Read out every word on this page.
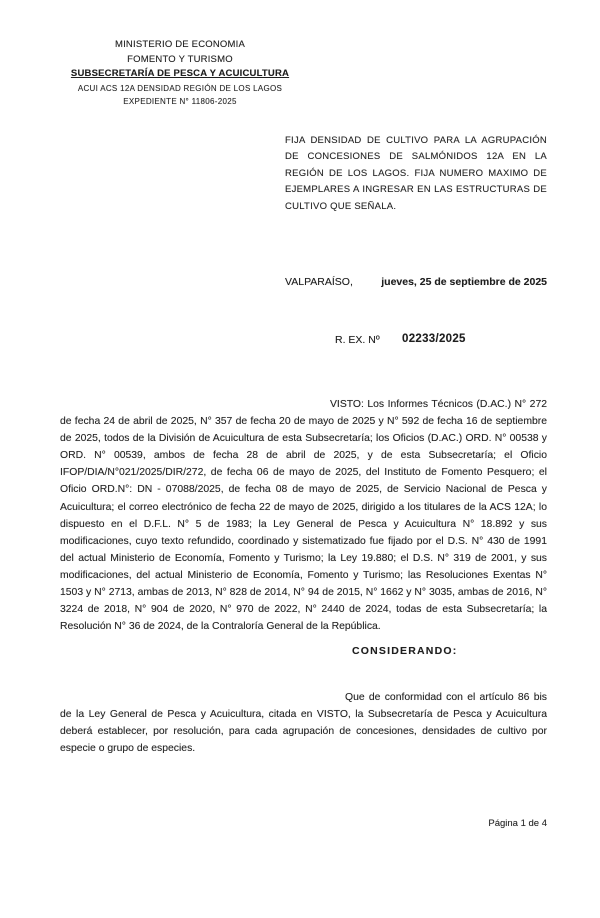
MINISTERIO DE ECONOMIA
FOMENTO Y TURISMO
SUBSECRETARÍA DE PESCA Y ACUICULTURA
ACUI ACS 12A DENSIDAD REGIÓN DE LOS LAGOS
EXPEDIENTE N° 11806-2025
FIJA DENSIDAD DE CULTIVO PARA LA AGRUPACIÓN DE CONCESIONES DE SALMÓNIDOS 12A EN LA REGIÓN DE LOS LAGOS. FIJA NUMERO MAXIMO DE EJEMPLARES A INGRESAR EN LAS ESTRUCTURAS DE CULTIVO QUE SEÑALA.
VALPARAÍSO,	jueves, 25 de septiembre de 2025
R. EX. Nº 02233/2025
VISTO: Los Informes Técnicos (D.AC.) N° 272 de fecha 24 de abril de 2025, N° 357 de fecha 20 de mayo de 2025 y N° 592 de fecha 16 de septiembre de 2025, todos de la División de Acuicultura de esta Subsecretaría; los Oficios (D.AC.) ORD. N° 00538 y ORD. N° 00539, ambos de fecha 28 de abril de 2025, y de esta Subsecretaría; el Oficio IFOP/DIA/N°021/2025/DIR/272, de fecha 06 de mayo de 2025, del Instituto de Fomento Pesquero; el Oficio ORD.N°: DN - 07088/2025, de fecha 08 de mayo de 2025, de Servicio Nacional de Pesca y Acuicultura; el correo electrónico de fecha 22 de mayo de 2025, dirigido a los titulares de la ACS 12A; lo dispuesto en el D.F.L. N° 5 de 1983; la Ley General de Pesca y Acuicultura N° 18.892 y sus modificaciones, cuyo texto refundido, coordinado y sistematizado fue fijado por el D.S. N° 430 de 1991 del actual Ministerio de Economía, Fomento y Turismo; la Ley 19.880; el D.S. N° 319 de 2001, y sus modificaciones, del actual Ministerio de Economía, Fomento y Turismo; las Resoluciones Exentas N° 1503 y N° 2713, ambas de 2013, N° 828 de 2014, N° 94 de 2015, N° 1662 y N° 3035, ambas de 2016, N° 3224 de 2018, N° 904 de 2020, N° 970 de 2022, N° 2440 de 2024, todas de esta Subsecretaría; la Resolución N° 36 de 2024, de la Contraloría General de la República.
CONSIDERANDO:
Que de conformidad con el artículo 86 bis de la Ley General de Pesca y Acuicultura, citada en VISTO, la Subsecretaría de Pesca y Acuicultura deberá establecer, por resolución, para cada agrupación de concesiones, densidades de cultivo por especie o grupo de especies.
Página 1 de 4
